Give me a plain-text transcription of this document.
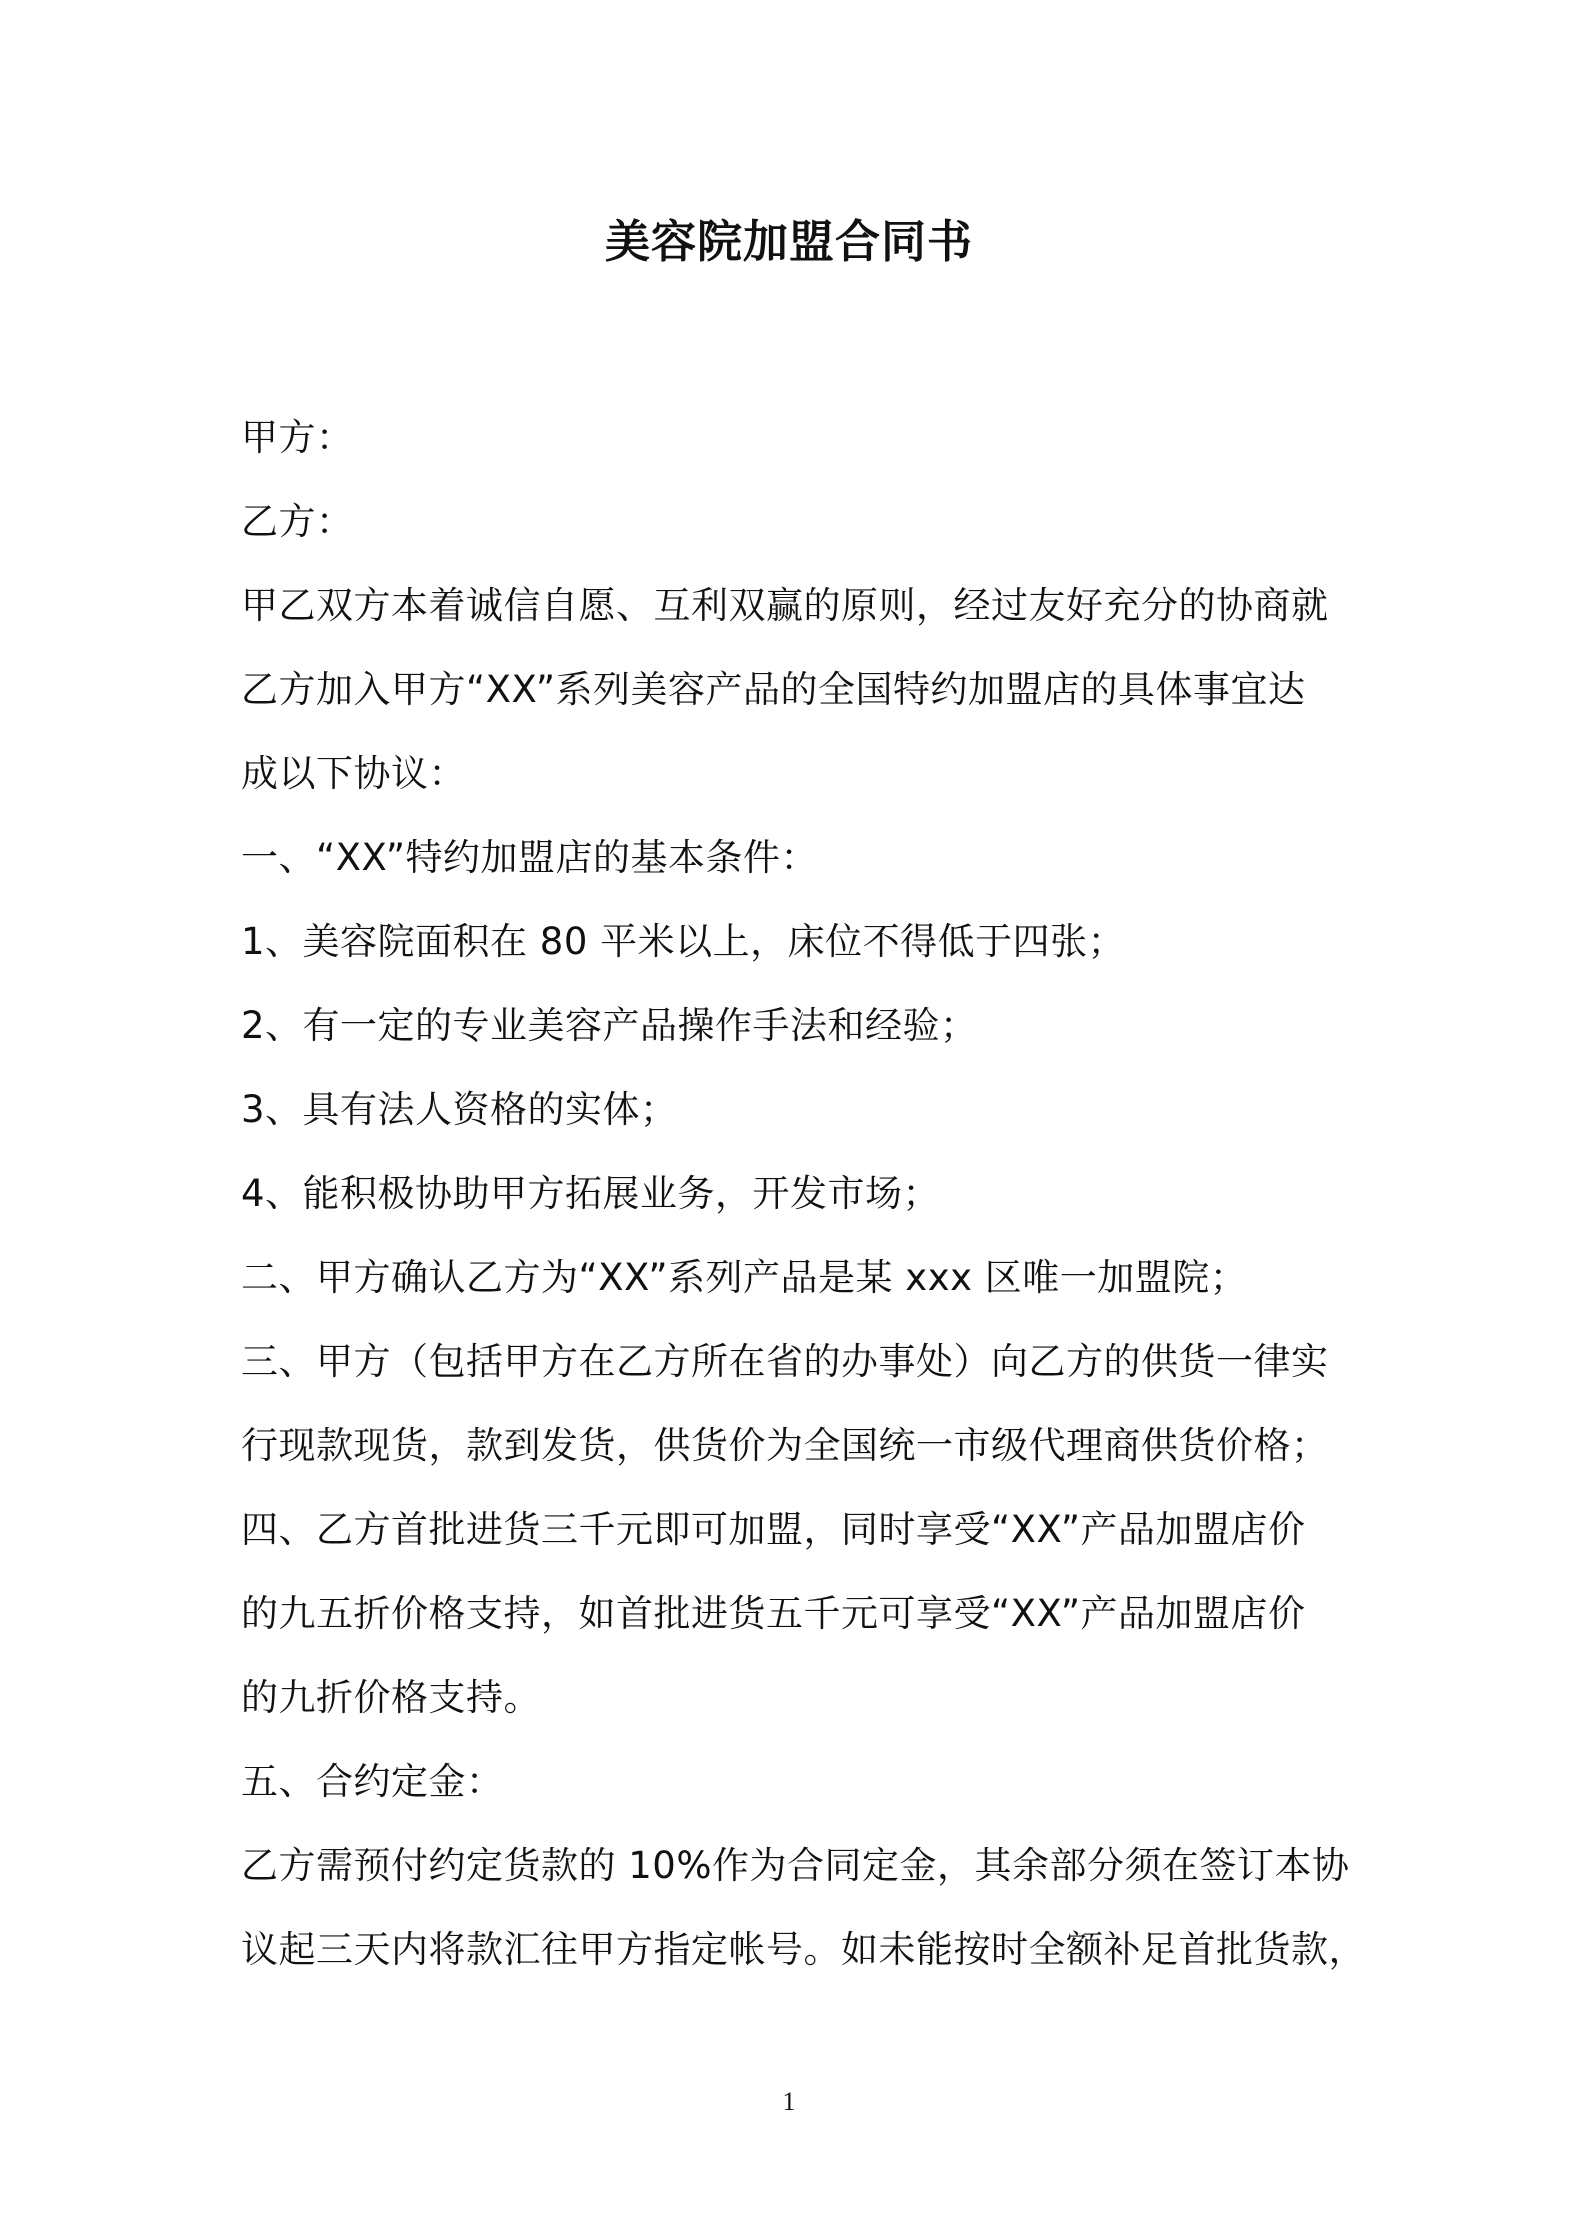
美容院加盟合同书
甲方：
乙方：
甲乙双方本着诚信自愿、互利双赢的原则，经过友好充分的协商就
乙方加入甲方“XX”系列美容产品的全国特约加盟店的具体事宜达
成以下协议：
一、“XX”特约加盟店的基本条件：
1、美容院面积在 80 平米以上，床位不得低于四张；
2、有一定的专业美容产品操作手法和经验；
3、具有法人资格的实体；
4、能积极协助甲方拓展业务，开发市场；
二、甲方确认乙方为“XX”系列产品是某 xxx 区唯一加盟院；
三、甲方（包括甲方在乙方所在省的办事处）向乙方的供货一律实
行现款现货，款到发货，供货价为全国统一市级代理商供货价格；
四、乙方首批进货三千元即可加盟，同时享受“XX”产品加盟店价
的九五折价格支持，如首批进货五千元可享受“XX”产品加盟店价
的九折价格支持。
五、合约定金：
乙方需预付约定货款的 10%作为合同定金，其余部分须在签订本协
议起三天内将款汇往甲方指定帐号。如未能按时全额补足首批货款，
1
